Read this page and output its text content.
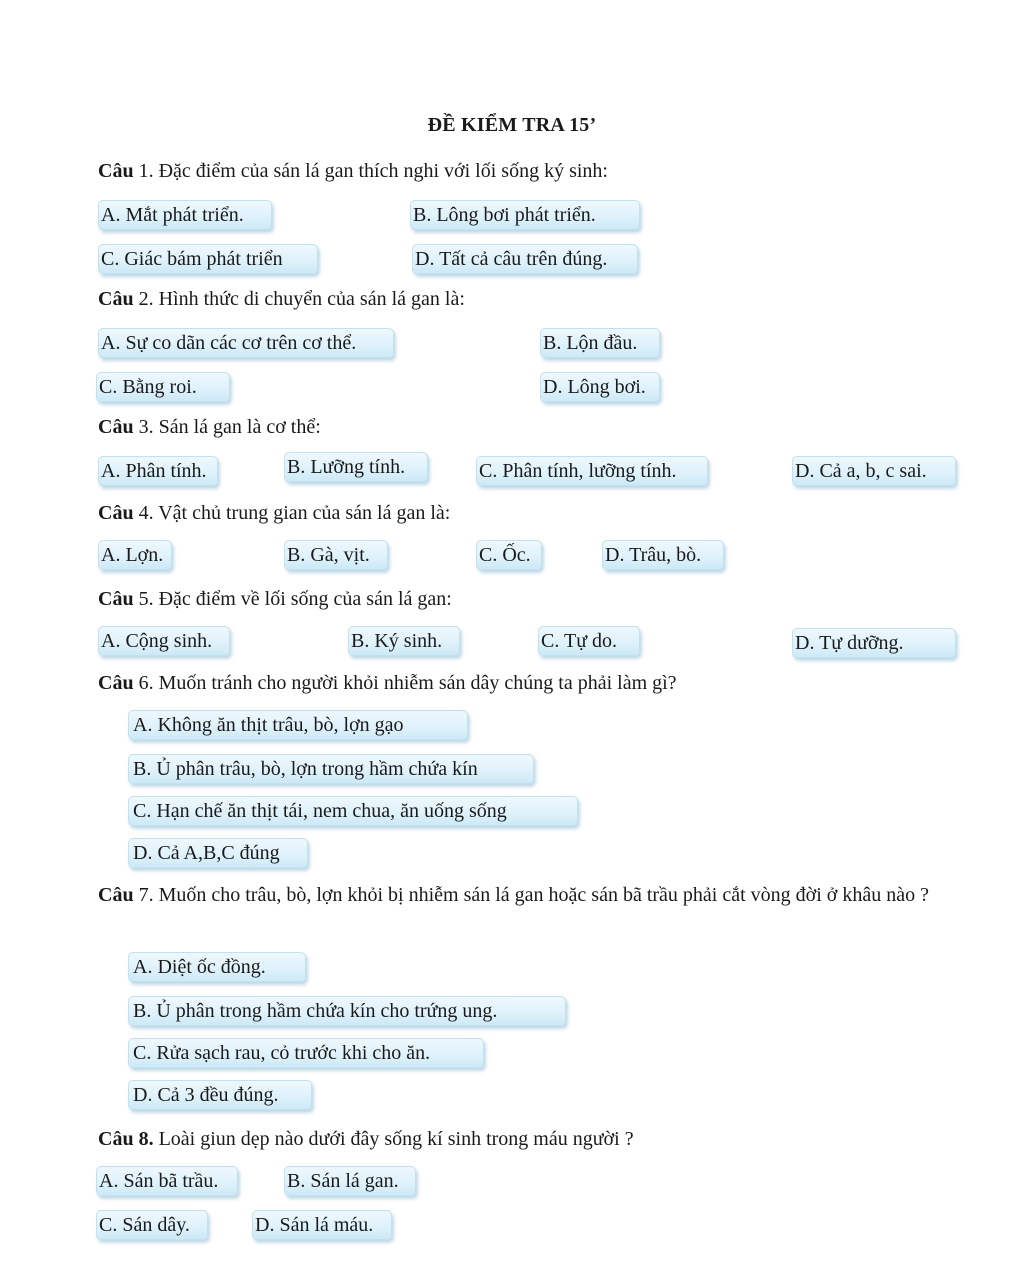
ĐỀ KIỂM TRA 15’
Câu 1. Đặc điểm của sán lá gan thích nghi với lối sống ký sinh:
A. Mắt phát triển.	B. Lông bơi phát triển.
C. Giác bám phát triển	D. Tất cả câu trên đúng.
Câu 2. Hình thức di chuyển của sán lá gan là:
A. Sự co dãn các cơ trên cơ thể.	B. Lộn đầu.
C. Bằng roi.	D. Lông bơi.
Câu 3. Sán lá gan là cơ thể:
A. Phân tính.	B. Lưỡng tính.	C. Phân tính, lưỡng tính.	D. Cả a, b, c sai.
Câu 4. Vật chủ trung gian của sán lá gan là:
A. Lợn.	B. Gà, vịt.	C. Ốc.	D. Trâu, bò.
Câu 5. Đặc điểm về lối sống của sán lá gan:
A. Cộng sinh.	B. Ký sinh.	C. Tự do.	D. Tự dưỡng.
Câu 6. Muốn tránh cho người khỏi nhiễm sán dây chúng ta phải làm gì?
A. Không ăn thịt trâu, bò, lợn gạo
B. Ủ phân trâu, bò, lợn trong hầm chứa kín
C. Hạn chế ăn thịt tái, nem chua, ăn uống sống
D. Cả A,B,C đúng
Câu 7. Muốn cho trâu, bò, lợn khỏi bị nhiễm sán lá gan hoặc sán bã trầu phải cắt vòng đời ở khâu nào ?
A. Diệt ốc đồng.
B. Ủ phân trong hầm chứa kín cho trứng ung.
C. Rửa sạch rau, cỏ trước khi cho ăn.
D. Cả 3 đều đúng.
Câu 8. Loài giun dẹp nào dưới đây sống kí sinh trong máu người ?
A. Sán bã trầu.	B. Sán lá gan.
C. Sán dây.	D. Sán lá máu.
